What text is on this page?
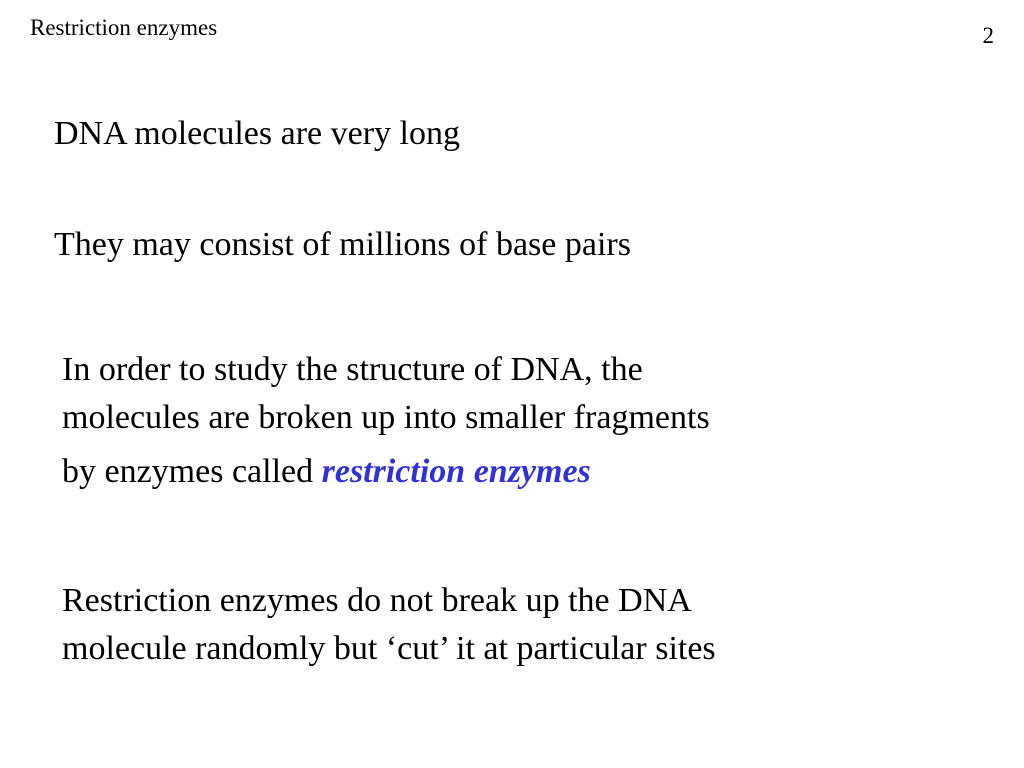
Restriction enzymes	2
DNA molecules are very long
They may consist of millions of base pairs
In order to study the structure of DNA, the
molecules are broken up into smaller fragments
by enzymes called restriction enzymes
Restriction enzymes do not break up the DNA
molecule randomly but ‘cut’ it at particular sites
